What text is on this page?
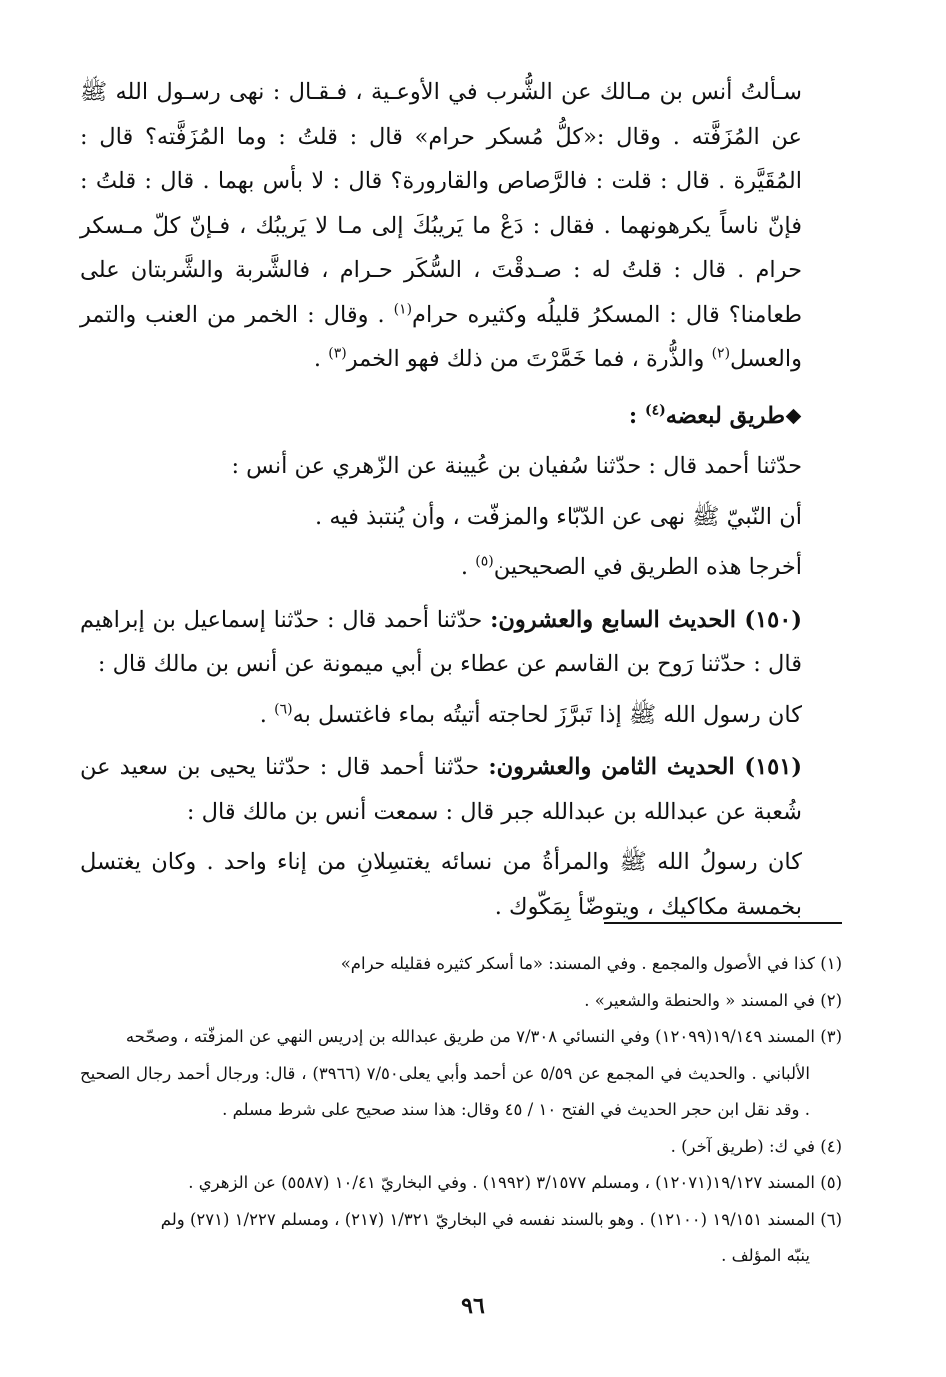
سـألتُ أنس بن مـالك عن الشُّرب في الأوعـية ، فـقـال : نهى رسـول الله ﷺ عن المُزَفَّته . وقال :«كلُّ مُسكر حرام» قال : قلتُ : وما المُزَفَّته؟ قال : المُقَيَّرة . قال : قلت : فالرَّصاص والقارورة؟ قال : لا بأس بهما . قال : قلتُ : فإنّ ناساً يكرهونهما . فقال : دَعْ ما يَريبُكَ إلى مـا لا يَريبُك ، فـإنّ كلّ مـسكر حرام . قال : قلتُ له : صـدقْتَ ، السُّكَر حـرام ، فالشَّربة والشَّربتان على طعامنا؟ قال : المسكرُ قليلُه وكثيره حرام$^{(١)}$ . وقال : الخمر من العنب والتمر والعسل$^{(٢)}$ والذُّرة ، فما خَمَّرْتَ من ذلك فهو الخمر$^{(٣)}$ .

طريق لبعضه$^{(٤)}$ :

حدّثنا أحمد قال : حدّثنا سُفيان بن عُيينة عن الزّهري عن أنس :

أن النّبيّ ﷺ نهى عن الدّبّاء والمزفّت ، وأن يُنتبذ فيه .

أخرجا هذه الطريق في الصحيحين$^{(٥)}$ .

(١٥٠) الحديث السابع والعشرون: حدّثنا أحمد قال : حدّثنا إسماعيل بن إبراهيم قال : حدّثنا رَوح بن القاسم عن عطاء بن أبي ميمونة عن أنس بن مالك قال :

كان رسول الله ﷺ إذا تَبرَّزَ لحاجته أتيتُه بماء فاغتسل به$^{(٦)}$ .

(١٥١) الحديث الثامن والعشرون: حدّثنا أحمد قال : حدّثنا يحيى بن سعيد عن شُعبة عن عبدالله بن عبدالله جبر قال : سمعت أنس بن مالك قال :

كان رسولُ الله ﷺ والمرأةُ من نسائه يغتسِلانِ من إناء واحد . وكان يغتسل بخمسة مكاكيك ، ويتوضّأ بِمَكّوك .

(١) كذا في الأصول والمجمع . وفي المسند: «ما أسكر كثيره فقليله حرام»

(٢) في المسند « والحنطة والشعير» .

(٣) المسند ١٩/١٤٩(١٢٠٩٩) وفي النسائي ٧/٣٠٨ من طريق عبدالله بن إدريس النهي عن المزفّته ، وصحّحه
الألباني . والحديث في المجمع عن ٥/٥٩ عن أحمد وأبي يعلى٧/٥٠ (٣٩٦٦) ، قال: ورجال أحمد رجال الصحيح . وقد نقل ابن حجر الحديث في الفتح ١٠ / ٤٥ وقال: هذا سند صحيح على شرط مسلم .

(٤) في ك: (طريق آخر) .

(٥) المسند ١٩/١٢٧(١٢٠٧١) ، ومسلم ٣/١٥٧٧ (١٩٩٢) . وفي البخاريّ ١٠/٤١ (٥٥٨٧) عن الزهري .

(٦) المسند ١٩/١٥١ (١٢١٠٠) . وهو بالسند نفسه في البخاريّ ١/٣٢١ (٢١٧) ، ومسلم ١/٢٢٧ (٢٧١) ولم
ينبّه المؤلف .

٩٦
